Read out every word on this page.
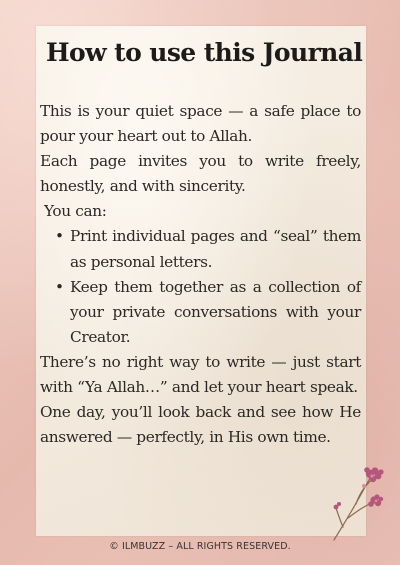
How to use this Journal

This is your quiet space — a safe place to pour your heart out to Allah.

Each page invites you to write freely, honestly, and with sincerity.

You can:

• Print individual pages and “seal” them as personal letters.
• Keep them together as a collection of your private conversations with your Creator.

There’s no right way to write — just start with “Ya Allah…” and let your heart speak.

One day, you’ll look back and see how He answered — perfectly, in His own time.

© ILMBUZZ – ALL RIGHTS RESERVED.
